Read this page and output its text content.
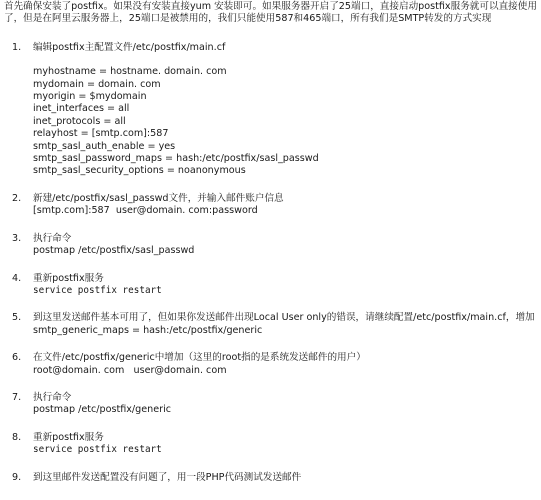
首先确保安装了postfix。如果没有安装直接yum 安装即可。如果服务器开启了25端口，直接启动postfix服务就可以直接使用了，但是在阿里云服务器上，25端口是被禁用的，我们只能使用587和465端口，所有我们是SMTP转发的方式实现

1.	编辑postfix主配置文件/etc/postfix/main.cf
myhostname = hostname. domain. com
mydomain = domain. com
myorigin = $mydomain
inet_interfaces = all
inet_protocols = all
relayhost = [smtp.com]:587
smtp_sasl_auth_enable = yes
smtp_sasl_password_maps = hash:/etc/postfix/sasl_passwd
smtp_sasl_security_options = noanonymous
2.	新建/etc/postfix/sasl_passwd文件，并输入邮件账户信息
[smtp.com]:587  user@domain. com:password
3.	执行命令
postmap /etc/postfix/sasl_passwd
4.	重新postfix服务
service postfix restart
5.	到这里发送邮件基本可用了，但如果你发送邮件出现Local User only的错误，请继续配置/etc/postfix/main.cf，增加
smtp_generic_maps = hash:/etc/postfix/generic
6.	在文件/etc/postfix/generic中增加（这里的root指的是系统发送邮件的用户）
root@domain. com   user@domain. com
7.	执行命令
postmap /etc/postfix/generic
8.	重新postfix服务
service postfix restart
9.	到这里邮件发送配置没有问题了，用一段PHP代码测试发送邮件
